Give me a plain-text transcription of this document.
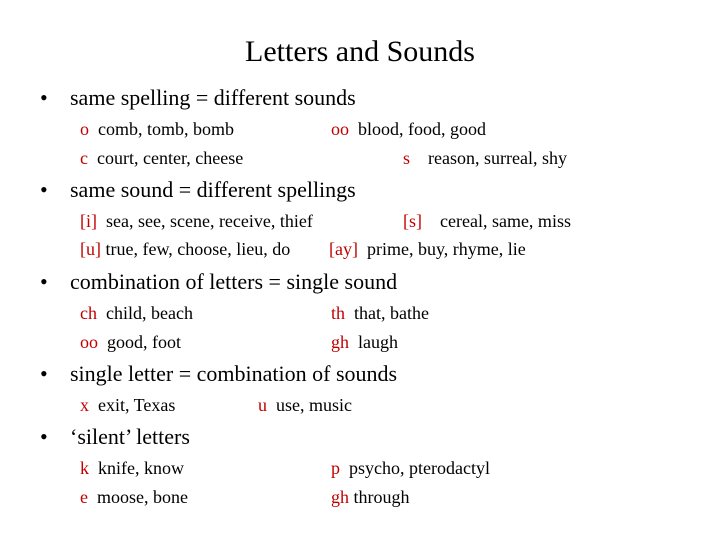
Letters and Sounds
• same spelling = different sounds
o comb, tomb, bomb	oo blood, food, good
c court, center, cheese	s reason, surreal, shy
• same sound = different spellings
[i] sea, see, scene, receive, thief	[s] cereal, same, miss
[u] true, few, choose, lieu, do [ay] prime, buy, rhyme, lie
• combination of letters = single sound
ch child, beach	th that, bathe
oo good, foot	gh laugh
• single letter = combination of sounds
x exit, Texas	u use, music
• ‘silent’ letters
k knife, know	p psycho, pterodactyl
e moose, bone	gh through
